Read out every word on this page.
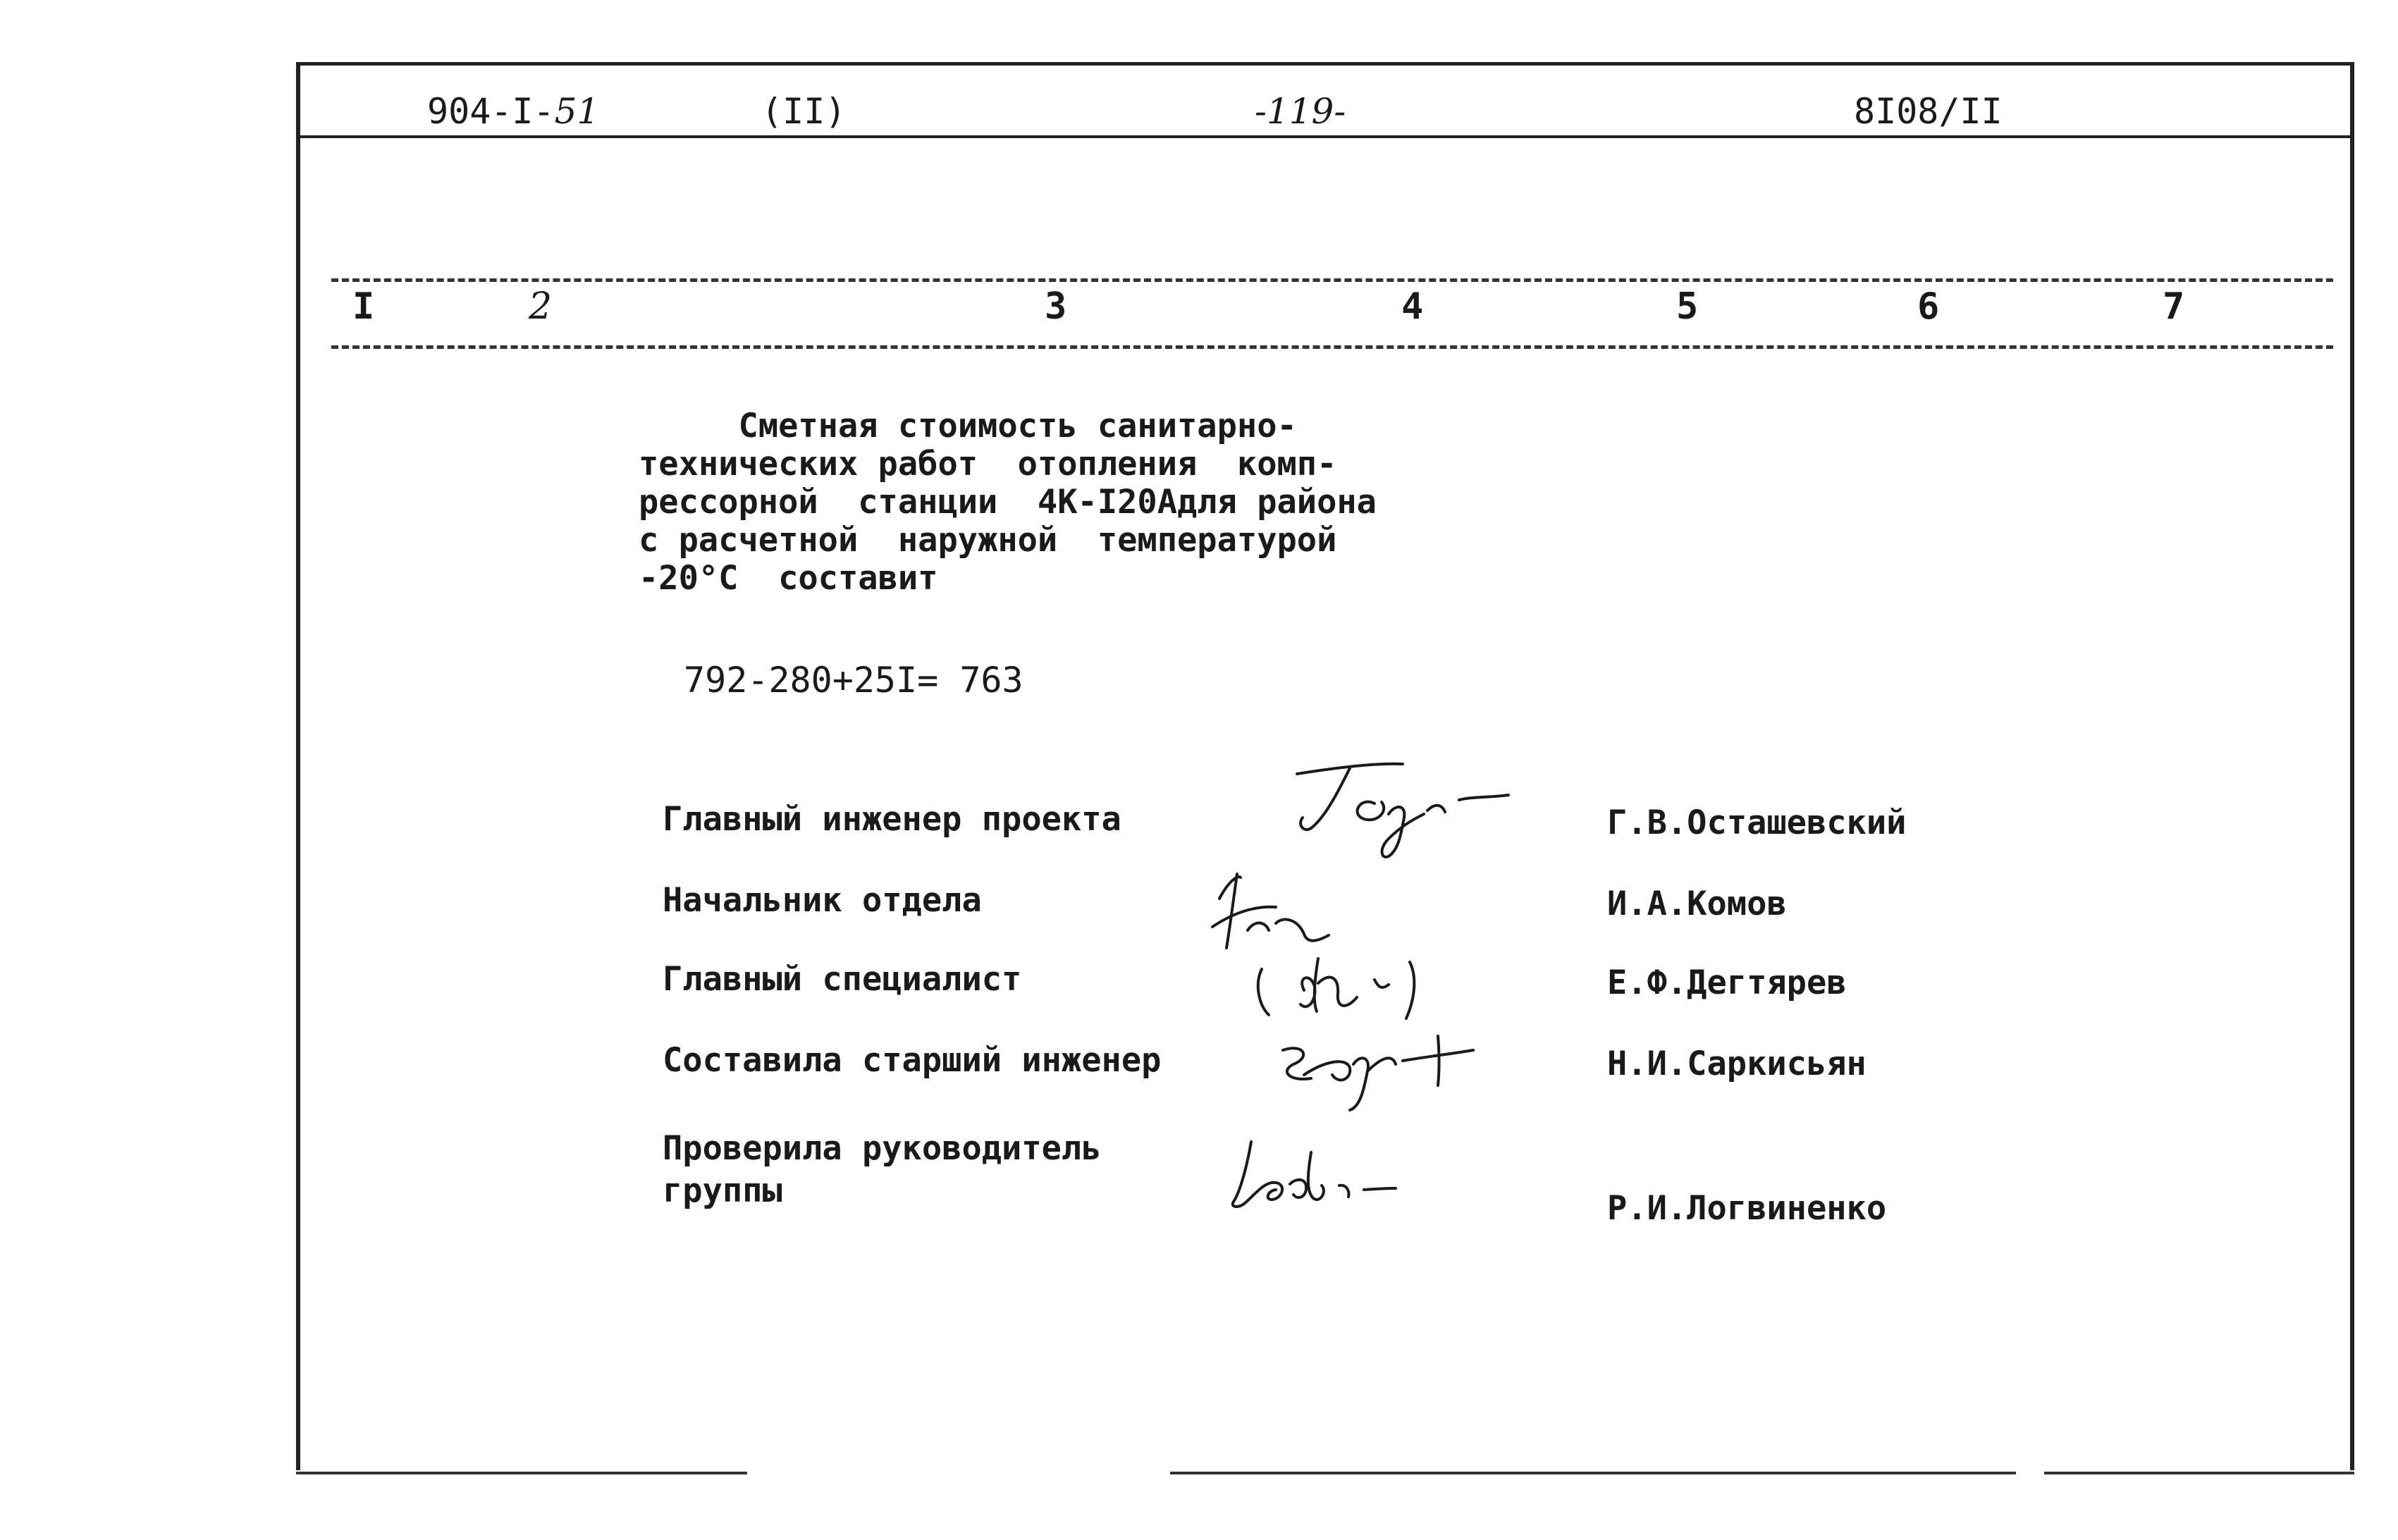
904-I-51	(II)	-119-	8I08/II
I	2	3	4	5	6	7
Сметная стоимость санитарно-
технических работ  отопления  комп-
рессорной  станции  4К-I20Адля района
с расчетной  наружной  температурой
-20°С  составит
792-280+25I= 763
Главный инженер проекта	Г.В.Осташевский
Начальник отдела	И.А.Комов
Главный специалист	Е.Ф.Дегтярев
Составила старший инженер	Н.И.Саркисьян
Проверила руководитель
группы	Р.И.Логвиненко
